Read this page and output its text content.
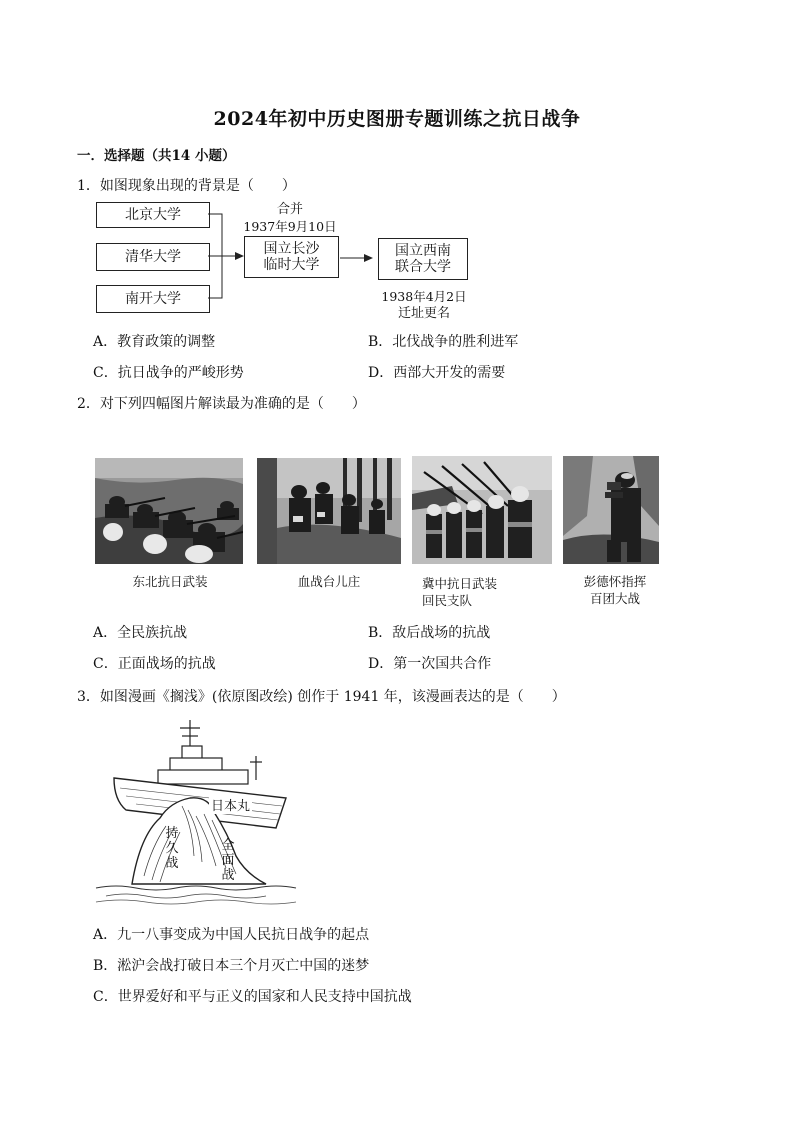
2024年初中历史图册专题训练之抗日战争
一．选择题（共14 小题）
1．如图现象出现的背景是（　　）
北京大学
清华大学
南开大学
合并
1937年9月10日
国立长沙
临时大学
国立西南
联合大学
1938年4月2日
迁址更名
A．教育政策的调整	B．北伐战争的胜利进军
C．抗日战争的严峻形势	D．西部大开发的需要
2．对下列四幅图片解读最为准确的是（　　）
东北抗日武装	血战台儿庄	冀中抗日武装
回民支队
彭德怀指挥
百团大战
A．全民族抗战	B．敌后战场的抗战
C．正面战场的抗战	D．第一次国共合作
3．如图漫画《搁浅》(依原图改绘) 创作于 1941 年，该漫画表达的是（　　）
日本丸
持久战
全面战
A．九一八事变成为中国人民抗日战争的起点
B．淞沪会战打破日本三个月灭亡中国的迷梦
C．世界爱好和平与正义的国家和人民支持中国抗战
